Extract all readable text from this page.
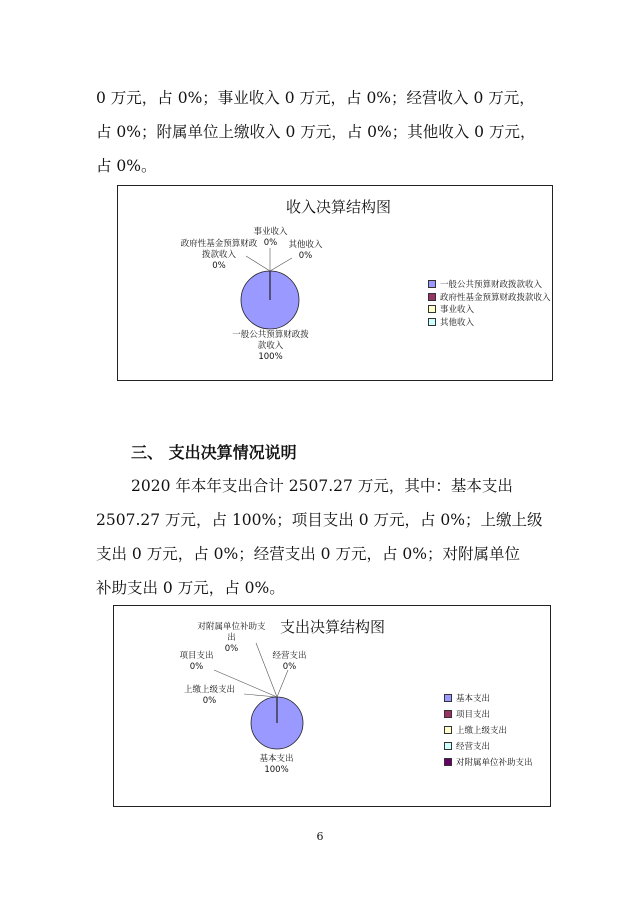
0 万元，占 0%；事业收入 0 万元，占 0%；经营收入 0 万元，
占 0%；附属单位上缴收入 0 万元，占 0%；其他收入 0 万元，
占 0%。
收入决算结构图
政府性基金预算财政
拨款收入
0%
事业收入
0%	其他收入
0%
一般公共预算财政拨
款收入
100%
一般公共预算财政拨款收入
政府性基金预算财政拨款收入
事业收入
其他收入
三、 支出决算情况说明
2020 年本年支出合计 2507.27 万元，其中：基本支出
2507.27 万元，占 100%；项目支出 0 万元，占 0%；上缴上级
支出 0 万元，占 0%；经营支出 0 万元，占 0%；对附属单位
补助支出 0 万元，占 0%。
支出决算结构图
对附属单位补助支
出
0%
项目支出
0%
经营支出
0%
上缴上级支出
0%
基本支出
100%
基本支出
项目支出
上缴上级支出
经营支出
对附属单位补助支出
6
